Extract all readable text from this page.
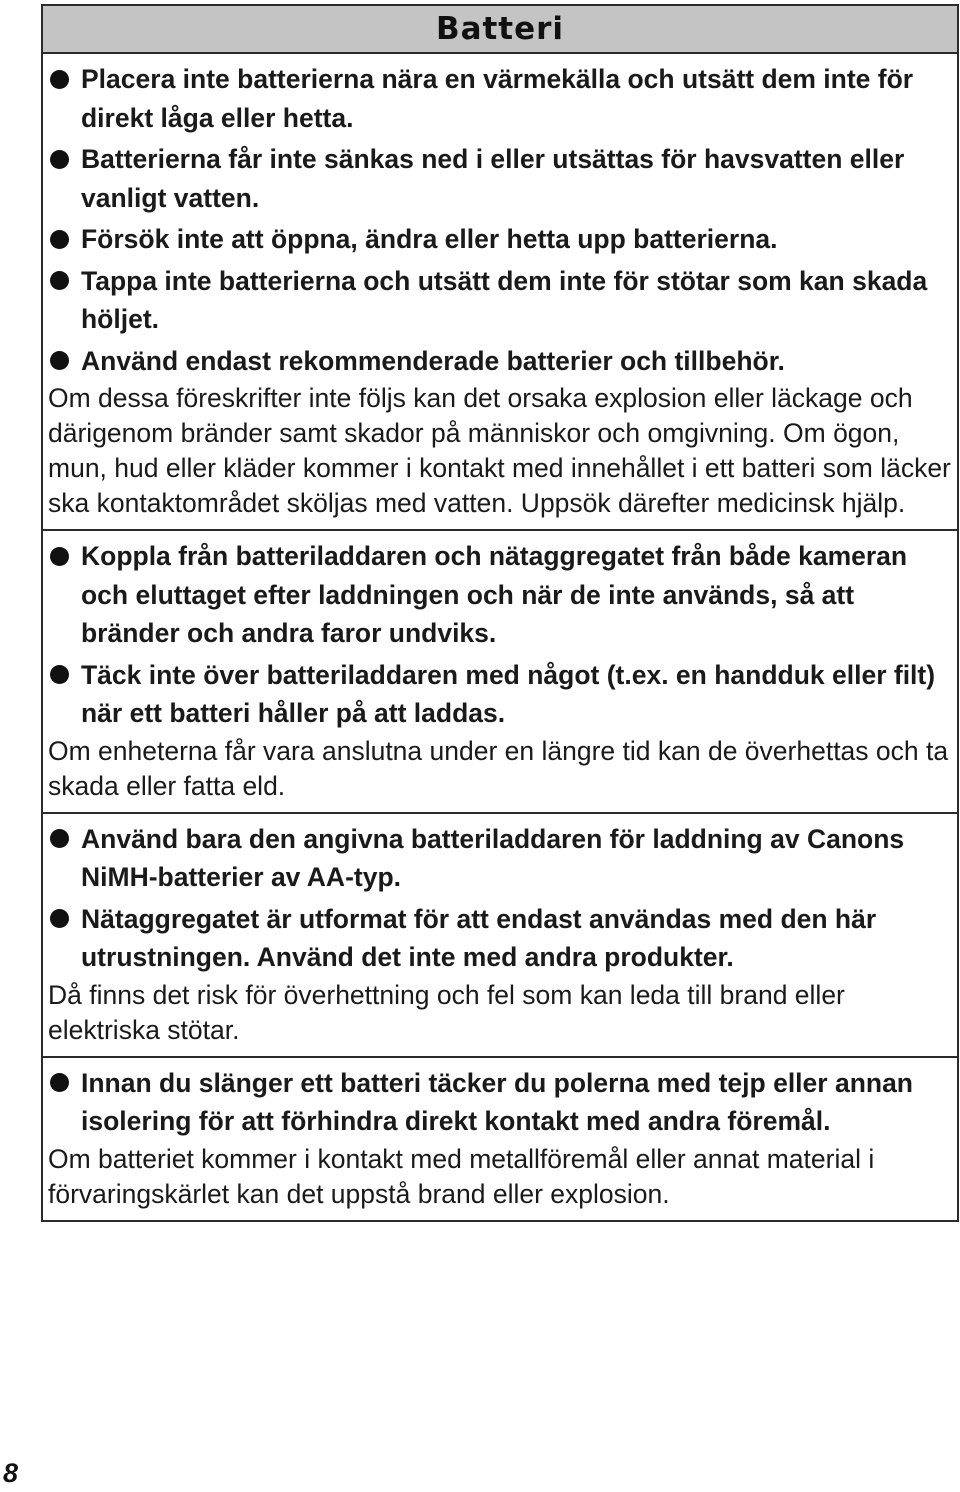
Batteri
Placera inte batterierna nära en värmekälla och utsätt dem inte för direkt låga eller hetta.
Batterierna får inte sänkas ned i eller utsättas för havsvatten eller vanligt vatten.
Försök inte att öppna, ändra eller hetta upp batterierna.
Tappa inte batterierna och utsätt dem inte för stötar som kan skada höljet.
Använd endast rekommenderade batterier och tillbehör.
Om dessa föreskrifter inte följs kan det orsaka explosion eller läckage och därigenom bränder samt skador på människor och omgivning. Om ögon, mun, hud eller kläder kommer i kontakt med innehållet i ett batteri som läcker ska kontaktområdet sköljas med vatten. Uppsök därefter medicinsk hjälp.
Koppla från batteriladdaren och nätaggregatet från både kameran och eluttaget efter laddningen och när de inte används, så att bränder och andra faror undviks.
Täck inte över batteriladdaren med något (t.ex. en handduk eller filt) när ett batteri håller på att laddas.
Om enheterna får vara anslutna under en längre tid kan de överhettas och ta skada eller fatta eld.
Använd bara den angivna batteriladdaren för laddning av Canons NiMH-batterier av AA-typ.
Nätaggregatet är utformat för att endast användas med den här utrustningen. Använd det inte med andra produkter.
Då finns det risk för överhettning och fel som kan leda till brand eller elektriska stötar.
Innan du slänger ett batteri täcker du polerna med tejp eller annan isolering för att förhindra direkt kontakt med andra föremål.
Om batteriet kommer i kontakt med metallföremål eller annat material i förvaringskärlet kan det uppstå brand eller explosion.
8
